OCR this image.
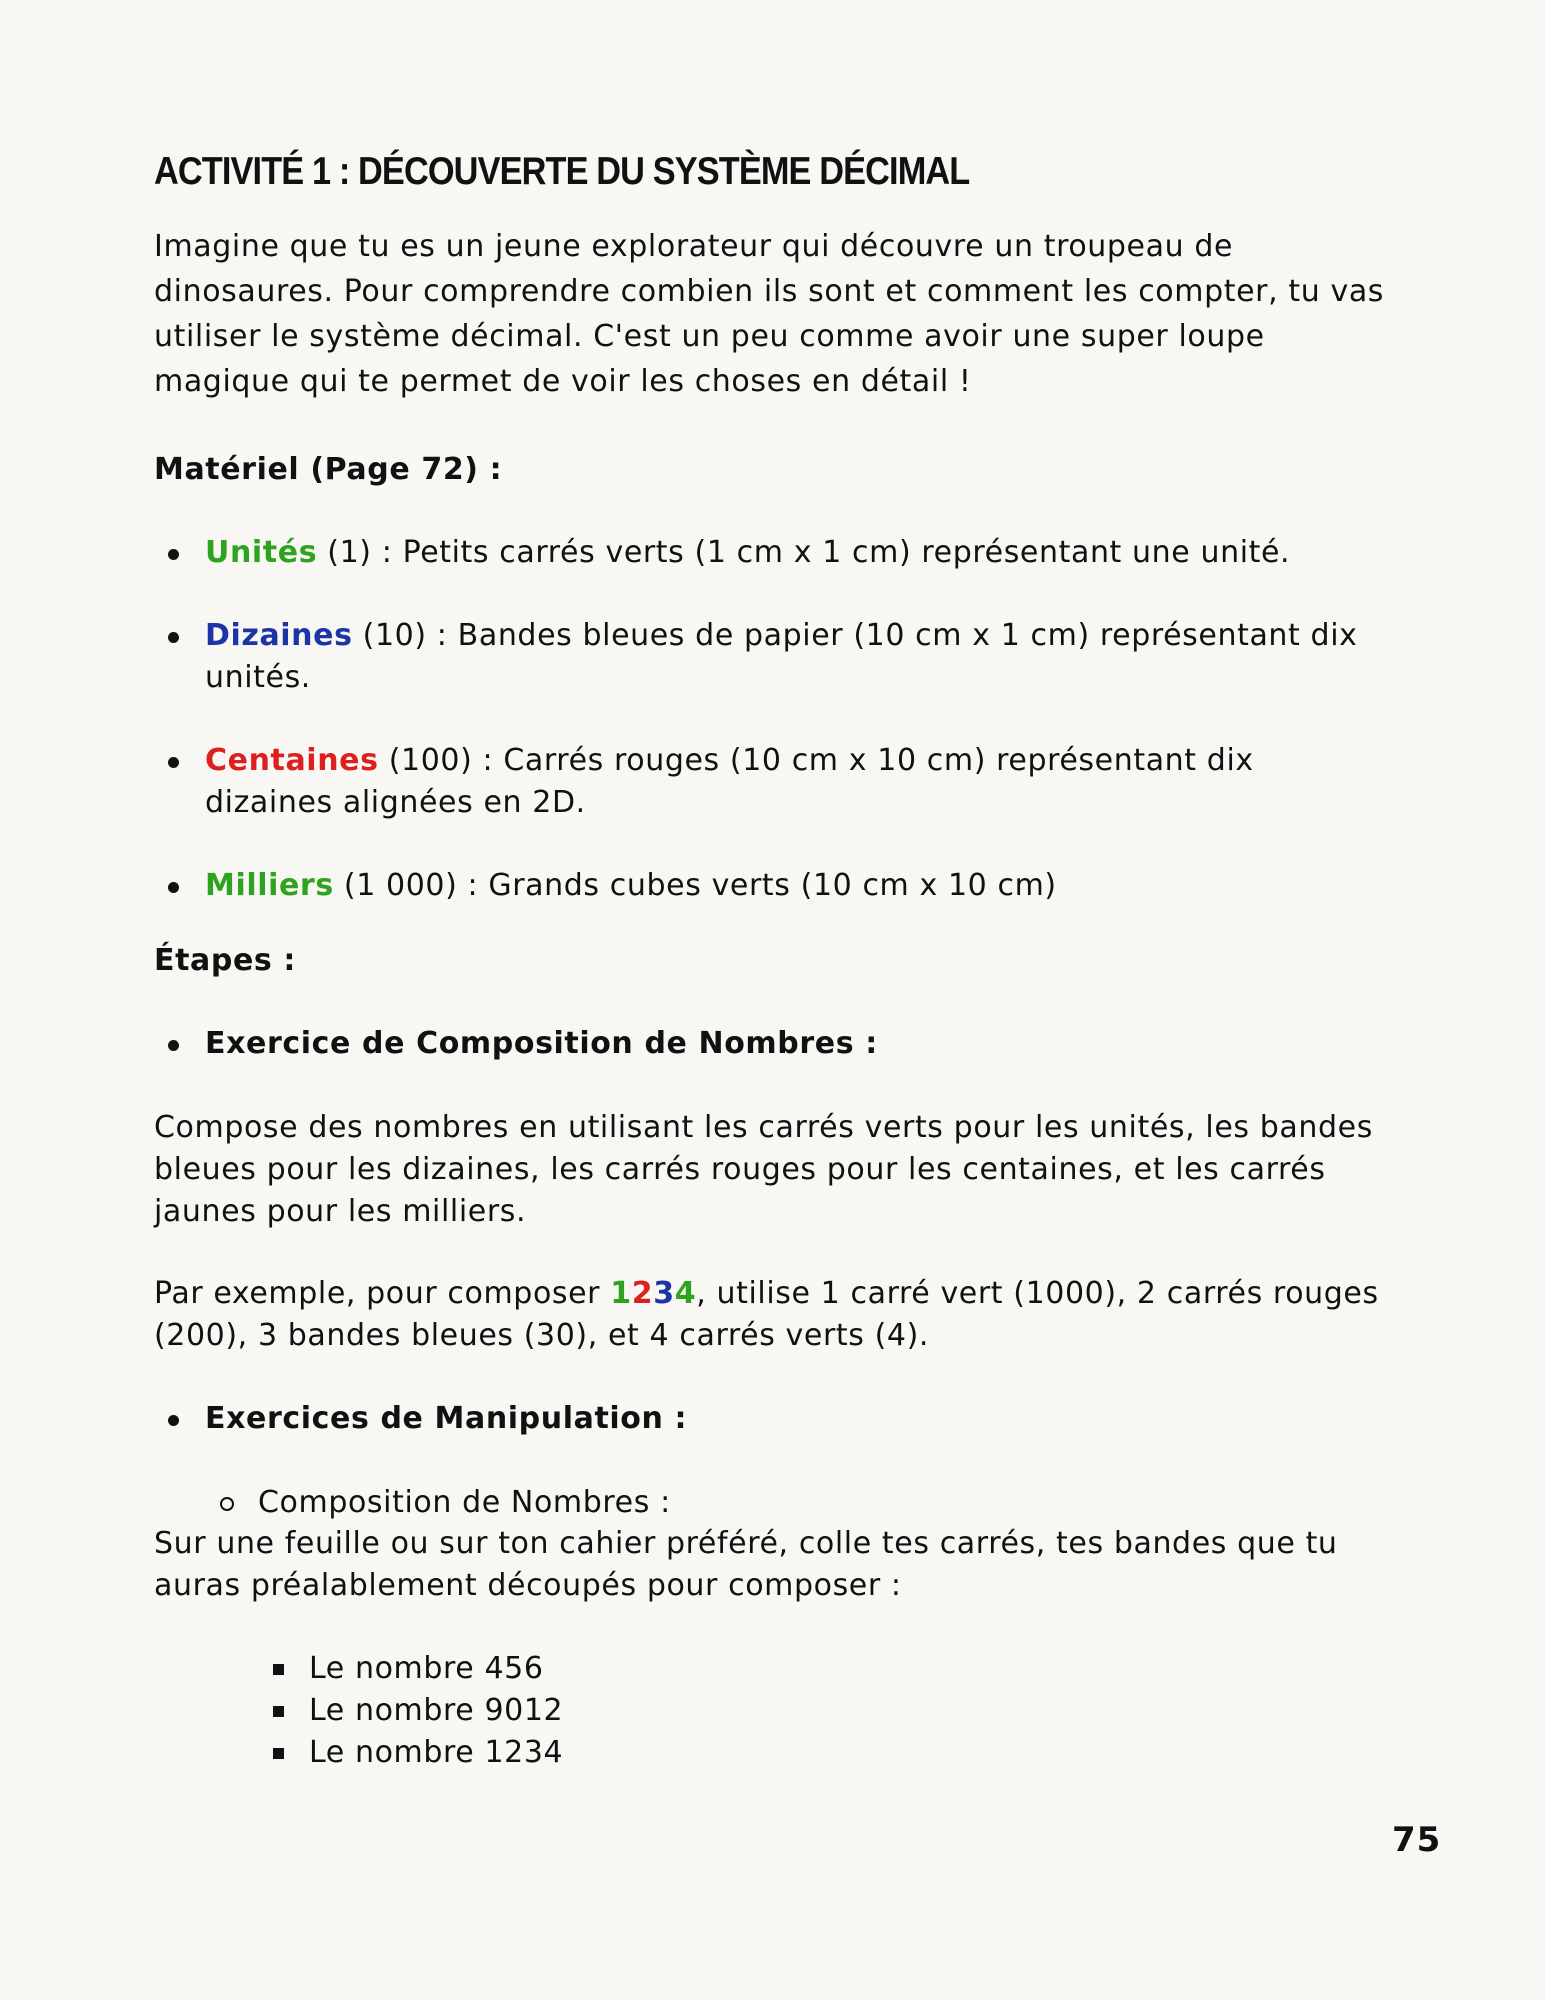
ACTIVITÉ 1 : DÉCOUVERTE DU SYSTÈME DÉCIMAL

Imagine que tu es un jeune explorateur qui découvre un troupeau de dinosaures. Pour comprendre combien ils sont et comment les compter, tu vas utiliser le système décimal. C'est un peu comme avoir une super loupe magique qui te permet de voir les choses en détail !

Matériel (Page 72) :

Unités (1) : Petits carrés verts (1 cm x 1 cm) représentant une unité.
Dizaines (10) : Bandes bleues de papier (10 cm x 1 cm) représentant dix unités.
Centaines (100) : Carrés rouges (10 cm x 10 cm) représentant dix dizaines alignées en 2D.
Milliers (1 000) : Grands cubes verts (10 cm x 10 cm)

Étapes :

Exercice de Composition de Nombres :

Compose des nombres en utilisant les carrés verts pour les unités, les bandes bleues pour les dizaines, les carrés rouges pour les centaines, et les carrés jaunes pour les milliers.

Par exemple, pour composer 1234, utilise 1 carré vert (1000), 2 carrés rouges (200), 3 bandes bleues (30), et 4 carrés verts (4).

Exercices de Manipulation :
Composition de Nombres :

Sur une feuille ou sur ton cahier préféré, colle tes carrés, tes bandes que tu auras préalablement découpés pour composer :

Le nombre 456
Le nombre 9012
Le nombre 1234
75
